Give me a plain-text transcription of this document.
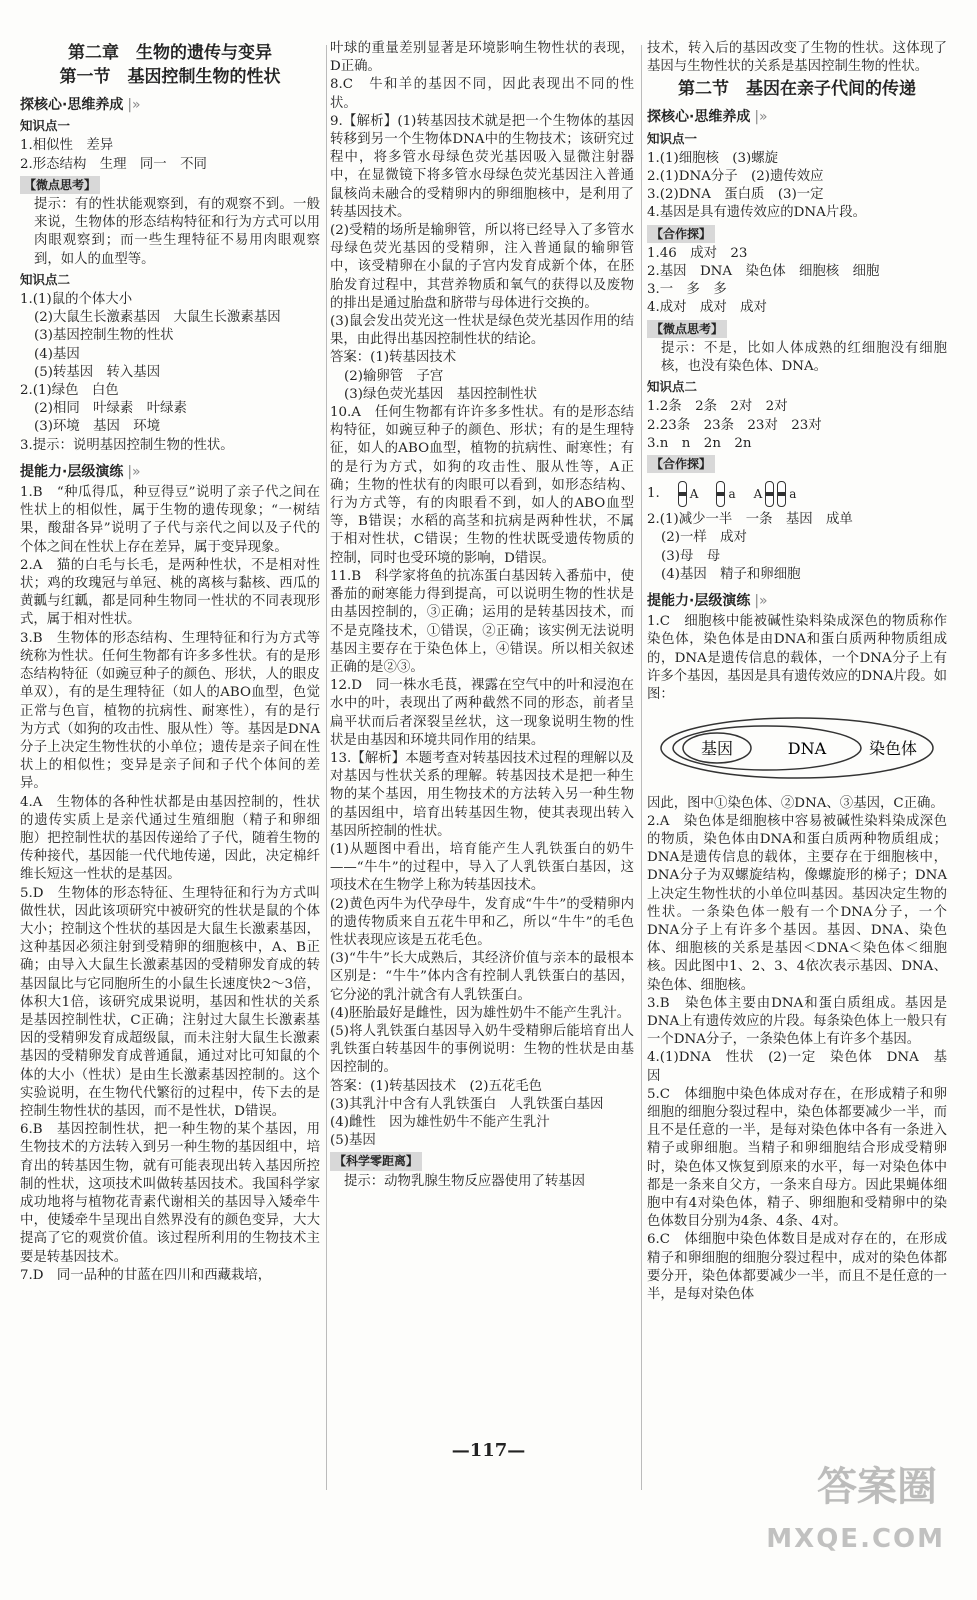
第二章　生物的遗传与变异
第一节　基因控制生物的性状
探核心·思维养成 |»
知识点一

1.相似性　差异

2.形态结构　生理　同一　不同

【微点思考】

提示：有的性状能观察到，有的观察不到。一般来说，生物体的形态结构特征和行为方式可以用肉眼观察到；而一些生理特征不易用肉眼观察到，如人的血型等。

知识点二

1.(1)鼠的个体大小

(2)大鼠生长激素基因　大鼠生长激素基因

(3)基因控制生物的性状

(4)基因

(5)转基因　转入基因

2.(1)绿色　白色

(2)相同　叶绿素　叶绿素

(3)环境　基因　环境

3.提示：说明基因控制生物的性状。

提能力·层级演练 |»

1.B　“种瓜得瓜，种豆得豆”说明了亲子代之间在性状上的相似性，属于生物的遗传现象；“一树结果，酸甜各异”说明了子代与亲代之间以及子代的个体之间在性状上存在差异，属于变异现象。

2.A　猫的白毛与长毛，是两种性状，不是相对性状；鸡的玫瑰冠与单冠、桃的离核与黏核、西瓜的黄瓤与红瓤，都是同种生物同一性状的不同表现形式，属于相对性状。

3.B　生物体的形态结构、生理特征和行为方式等统称为性状。任何生物都有许多多性状。有的是形态结构特征（如豌豆种子的颜色、形状，人的眼皮单双），有的是生理特征（如人的ABO血型，色觉正常与色盲，植物的抗病性、耐寒性），有的是行为方式（如狗的攻击性、服从性）等。基因是DNA分子上决定生物性状的小单位；遗传是亲子间在性状上的相似性；变异是亲子间和子代个体间的差异。

4.A　生物体的各种性状都是由基因控制的，性状的遗传实质上是亲代通过生殖细胞（精子和卵细胞）把控制性状的基因传递给了子代，随着生物的传种接代，基因能一代代地传递，因此，决定棉纤维长短这一性状的是基因。

5.D　生物体的形态特征、生理特征和行为方式叫做性状，因此该项研究中被研究的性状是鼠的个体大小；控制这个性状的基因是大鼠生长激素基因，这种基因必须注射到受精卵的细胞核中，A、B正确；由导入大鼠生长激素基因的受精卵发育成的转基因鼠比与它同胞所生的小鼠生长速度快2～3倍，体积大1倍，该研究成果说明，基因和性状的关系是基因控制性状，C正确；注射过大鼠生长激素基因的受精卵发育成超级鼠，而未注射大鼠生长激素基因的受精卵发育成普通鼠，通过对比可知鼠的个体的大小（性状）是由生长激素基因控制的。这个实验说明，在生物代代繁衍的过程中，传下去的是控制生物性状的基因，而不是性状，D错误。

6.B　基因控制性状，把一种生物的某个基因，用生物技术的方法转入到另一种生物的基因组中，培育出的转基因生物，就有可能表现出转入基因所控制的性状，这项技术叫做转基因技术。我国科学家成功地将与植物花青素代谢相关的基因导入矮牵牛中，使矮牵牛呈现出自然界没有的颜色变异，大大提高了它的观赏价值。该过程所利用的生物技术主要是转基因技术。

7.D　同一品种的甘蓝在四川和西藏栽培，

叶球的重量差别显著是环境影响生物性状的表现，D正确。

8.C　牛和羊的基因不同，因此表现出不同的性状。

9.【解析】(1)转基因技术就是把一个生物体的基因转移到另一个生物体DNA中的生物技术；该研究过程中，将多管水母绿色荧光基因吸入显微注射器中，在显微镜下将多管水母绿色荧光基因注入普通鼠核尚未融合的受精卵内的卵细胞核中，是利用了转基因技术。

(2)受精的场所是输卵管，所以将已经导入了多管水母绿色荧光基因的受精卵，注入普通鼠的输卵管中，该受精卵在小鼠的子宫内发育成新个体，在胚胎发育过程中，其营养物质和氧气的获得以及废物的排出是通过胎盘和脐带与母体进行交换的。

(3)鼠会发出荧光这一性状是绿色荧光基因作用的结果，由此得出基因控制性状的结论。

答案：(1)转基因技术

(2)输卵管　子宫

(3)绿色荧光基因　基因控制性状

10.A　任何生物都有许许多多性状。有的是形态结构特征，如豌豆种子的颜色、形状；有的是生理特征，如人的ABO血型，植物的抗病性、耐寒性；有的是行为方式，如狗的攻击性、服从性等，A正确；生物的性状有的肉眼可以看到，如形态结构、行为方式等，有的肉眼看不到，如人的ABO血型等，B错误；水稻的高茎和抗病是两种性状，不属于相对性状，C错误；生物的性状既受遗传物质的控制，同时也受环境的影响，D错误。

11.B　科学家将鱼的抗冻蛋白基因转入番茄中，使番茄的耐寒能力得到提高，可以说明生物的性状是由基因控制的，③正确；运用的是转基因技术，而不是克隆技术，①错误，②正确；该实例无法说明基因主要存在于染色体上，④错误。所以相关叙述正确的是②③。

12.D　同一株水毛茛，裸露在空气中的叶和浸泡在水中的叶，表现出了两种截然不同的形态，前者呈扁平状而后者深裂呈丝状，这一现象说明生物的性状是由基因和环境共同作用的结果。

13.【解析】本题考查对转基因技术过程的理解以及对基因与性状关系的理解。转基因技术是把一种生物的某个基因，用生物技术的方法转入另一种生物的基因组中，培育出转基因生物，使其表现出转入基因所控制的性状。

(1)从题图中看出，培育能产生人乳铁蛋白的奶牛——“牛牛”的过程中，导入了人乳铁蛋白基因，这项技术在生物学上称为转基因技术。

(2)黄色丙牛为代孕母牛，发育成“牛牛”的受精卵内的遗传物质来自五花牛甲和乙，所以“牛牛”的毛色性状表现应该是五花毛色。

(3)“牛牛”长大成熟后，其经济价值与亲本的最根本区别是：“牛牛”体内含有控制人乳铁蛋白的基因，它分泌的乳汁就含有人乳铁蛋白。

(4)胚胎最好是雌性，因为雄性奶牛不能产生乳汁。

(5)将人乳铁蛋白基因导入奶牛受精卵后能培育出人乳铁蛋白转基因牛的事例说明：生物的性状是由基因控制的。

答案：(1)转基因技术　(2)五花毛色

(3)其乳汁中含有人乳铁蛋白　人乳铁蛋白基因

(4)雌性　因为雄性奶牛不能产生乳汁

(5)基因

【科学零距离】

提示：动物乳腺生物反应器使用了转基因

技术，转入后的基因改变了生物的性状。这体现了基因与生物性状的关系是基因控制生物的性状。

第二节　基因在亲子代间的传递
探核心·思维养成 |»
知识点一

1.(1)细胞核　(3)螺旋

2.(1)DNA分子　(2)遗传效应

3.(2)DNA　蛋白质　(3)一定

4.基因是具有遗传效应的DNA片段。

【合作探】

1.46　成对　23

2.基因　DNA　染色体　细胞核　细胞

3.一　多　多

4.成对　成对　成对

【微点思考】

提示：不是，比如人体成熟的红细胞没有细胞核，也没有染色体、DNA。

知识点二

1.2条　2条　2对　2对

2.23条　23条　23对　23对

3.n　n　2n　2n

【合作探】
1.	A	a A a

2.(1)减少一半　一条　基因　成单

(2)一样　成对

(3)母　母

(4)基因　精子和卵细胞

提能力·层级演练 |»

1.C　细胞核中能被碱性染料染成深色的物质称作染色体，染色体是由DNA和蛋白质两种物质组成的，DNA是遗传信息的载体，一个DNA分子上有许多个基因，基因是具有遗传效应的DNA片段。如图：

基因	DNA	染色体

因此，图中①染色体、②DNA、③基因，C正确。

2.A　染色体是细胞核中容易被碱性染料染成深色的物质，染色体由DNA和蛋白质两种物质组成；DNA是遗传信息的载体，主要存在于细胞核中，DNA分子为双螺旋结构，像螺旋形的梯子；DNA上决定生物性状的小单位叫基因。基因决定生物的性状。一条染色体一般有一个DNA分子，一个DNA分子上有许多个基因。基因、DNA、染色体、细胞核的关系是基因＜DNA＜染色体＜细胞核。因此图中1、2、3、4依次表示基因、DNA、染色体、细胞核。

3.B　染色体主要由DNA和蛋白质组成。基因是DNA上有遗传效应的片段。每条染色体上一般只有一个DNA分子，一条染色体上有许多个基因。

4.(1)DNA　性状　(2)一定　染色体　DNA　基因

5.C　体细胞中染色体成对存在，在形成精子和卵细胞的细胞分裂过程中，染色体都要减少一半，而且不是任意的一半，是每对染色体中各有一条进入精子或卵细胞。当精子和卵细胞结合形成受精卵时，染色体又恢复到原来的水平，每一对染色体中都是一条来自父方，一条来自母方。因此果蝇体细胞中有4对染色体，精子、卵细胞和受精卵中的染色体数目分别为4条、4条、4对。

6.C　体细胞中染色体数目是成对存在的，在形成精子和卵细胞的细胞分裂过程中，成对的染色体都要分开，染色体都要减少一半，而且不是任意的一半，是每对染色体

—117—
答案圈
MXQE.COM
